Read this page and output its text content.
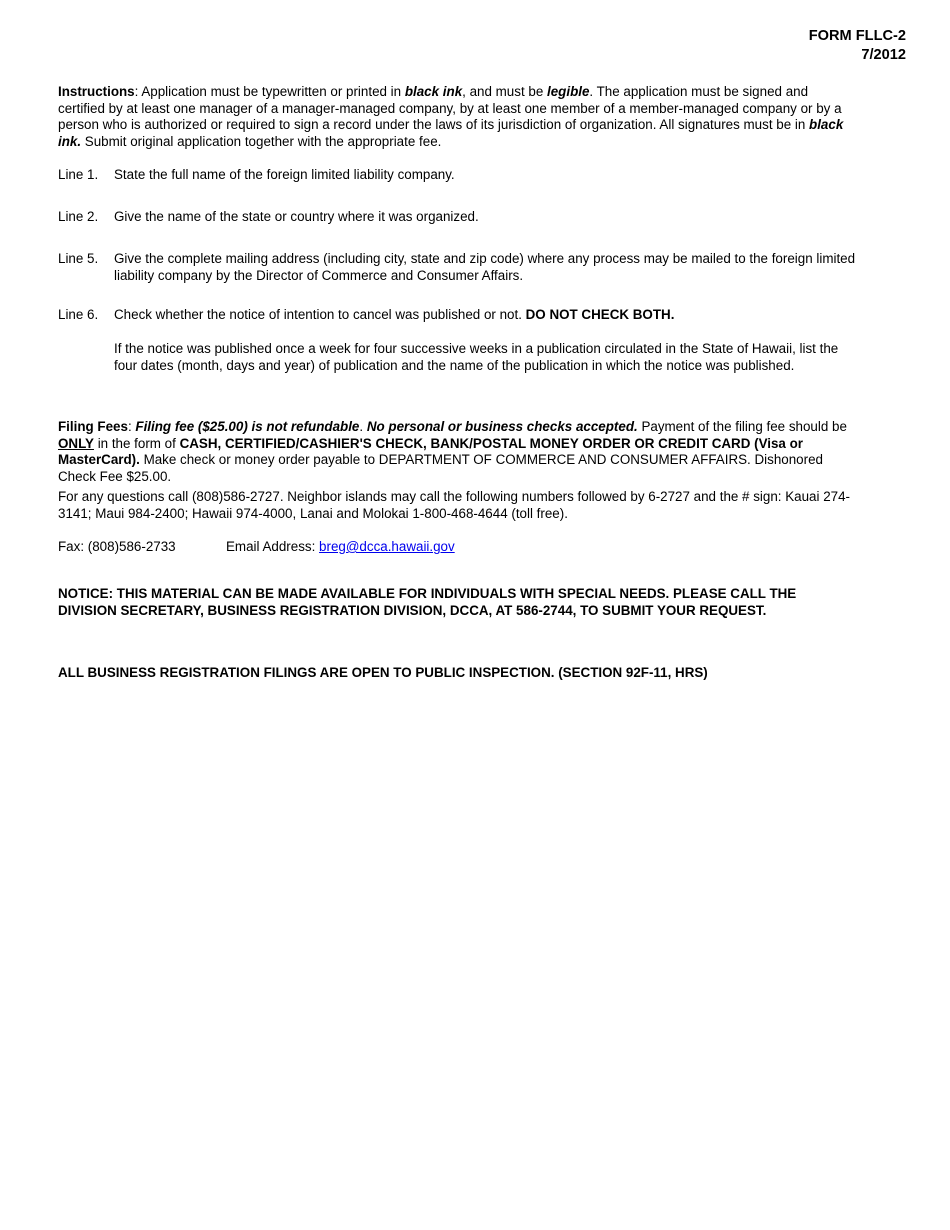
FORM FLLC-2
7/2012
Instructions: Application must be typewritten or printed in black ink, and must be legible. The application must be signed and certified by at least one manager of a manager-managed company, by at least one member of a member-managed company or by a person who is authorized or required to sign a record under the laws of its jurisdiction of organization. All signatures must be in black ink. Submit original application together with the appropriate fee.
Line 1.	State the full name of the foreign limited liability company.
Line 2.	Give the name of the state or country where it was organized.
Line 5.	Give the complete mailing address (including city, state and zip code) where any process may be mailed to the foreign limited liability company by the Director of Commerce and Consumer Affairs.
Line 6.	Check whether the notice of intention to cancel was published or not. DO NOT CHECK BOTH.
If the notice was published once a week for four successive weeks in a publication circulated in the State of Hawaii, list the four dates (month, days and year) of publication and the name of the publication in which the notice was published.
Filing Fees: Filing fee ($25.00) is not refundable. No personal or business checks accepted. Payment of the filing fee should be ONLY in the form of CASH, CERTIFIED/CASHIER'S CHECK, BANK/POSTAL MONEY ORDER OR CREDIT CARD (Visa or MasterCard). Make check or money order payable to DEPARTMENT OF COMMERCE AND CONSUMER AFFAIRS. Dishonored Check Fee $25.00.
For any questions call (808)586-2727. Neighbor islands may call the following numbers followed by 6-2727 and the # sign: Kauai 274-3141; Maui 984-2400; Hawaii 974-4000, Lanai and Molokai 1-800-468-4644 (toll free).
Fax: (808)586-2733	Email Address: breg@dcca.hawaii.gov
NOTICE: THIS MATERIAL CAN BE MADE AVAILABLE FOR INDIVIDUALS WITH SPECIAL NEEDS. PLEASE CALL THE DIVISION SECRETARY, BUSINESS REGISTRATION DIVISION, DCCA, AT 586-2744, TO SUBMIT YOUR REQUEST.
ALL BUSINESS REGISTRATION FILINGS ARE OPEN TO PUBLIC INSPECTION. (SECTION 92F-11, HRS)
